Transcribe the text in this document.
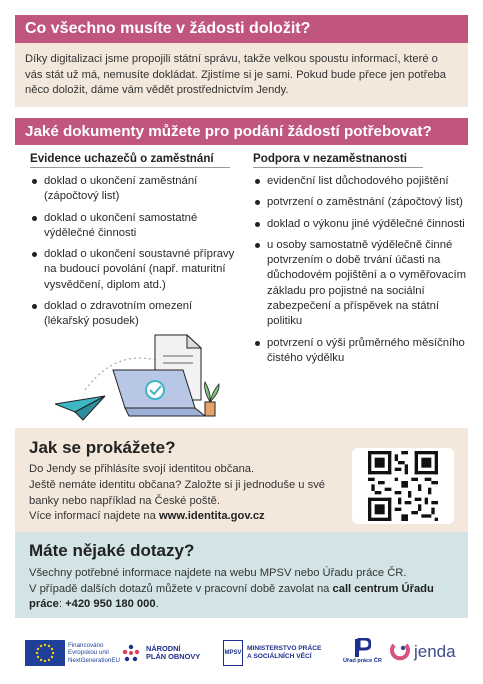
Co všechno musíte v žádosti doložit?
Díky digitalizaci jsme propojili státní správu, takže velkou spoustu informací, které o vás stát už má, nemusíte dokládat. Zjistíme si je sami. Pokud bude přece jen potřeba něco doložit, dáme vám vědět prostřednictvím Jendy.
Jaké dokumenty můžete pro podání žádostí potřebovat?
Evidence uchazečů o zaměstnání
doklad o ukončení zaměstnání (zápočtový list)
doklad o ukončení samostatné výdělečné činnosti
doklad o ukončení soustavné přípravy na budoucí povolání (např. maturitní vysvědčení, diplom atd.)
doklad o zdravotním omezení (lékařský posudek)
Podpora v nezaměstnanosti
evidenční list důchodového pojištění
potvrzení o zaměstnání (zápočtový list)
doklad o výkonu jiné výdělečné činnosti
u osoby samostatně výdělečně činné potvrzením o době trvání účasti na důchodovém pojištění a o vyměřovacím základu pro pojistné na sociální zabezpečení a příspěvek na státní politiku
potvrzení o výši průměrného měsíčního čistého výdělku
Jak se prokážete?
Do Jendy se přihlásíte svojí identitou občana.
Ještě nemáte identitu občana? Založte si ji jednoduše u své banky nebo například na České poště.
Více informací najdete na www.identita.gov.cz
Máte nějaké dotazy?
Všechny potřebné informace najdete na webu MPSV nebo Úřadu práce ČR.
V případě dalších dotazů můžete v pracovní době zavolat na call centrum Úřadu práce: +420 950 180 000.
Financováno
Evropskou unií
NextGenerationEU
NÁRODNÍ
PLÁN OBNOVY	MPSV
MINISTERSTVO PRÁCE
A SOCIÁLNÍCH VĚCÍ
Úřad práce ČR jenda
